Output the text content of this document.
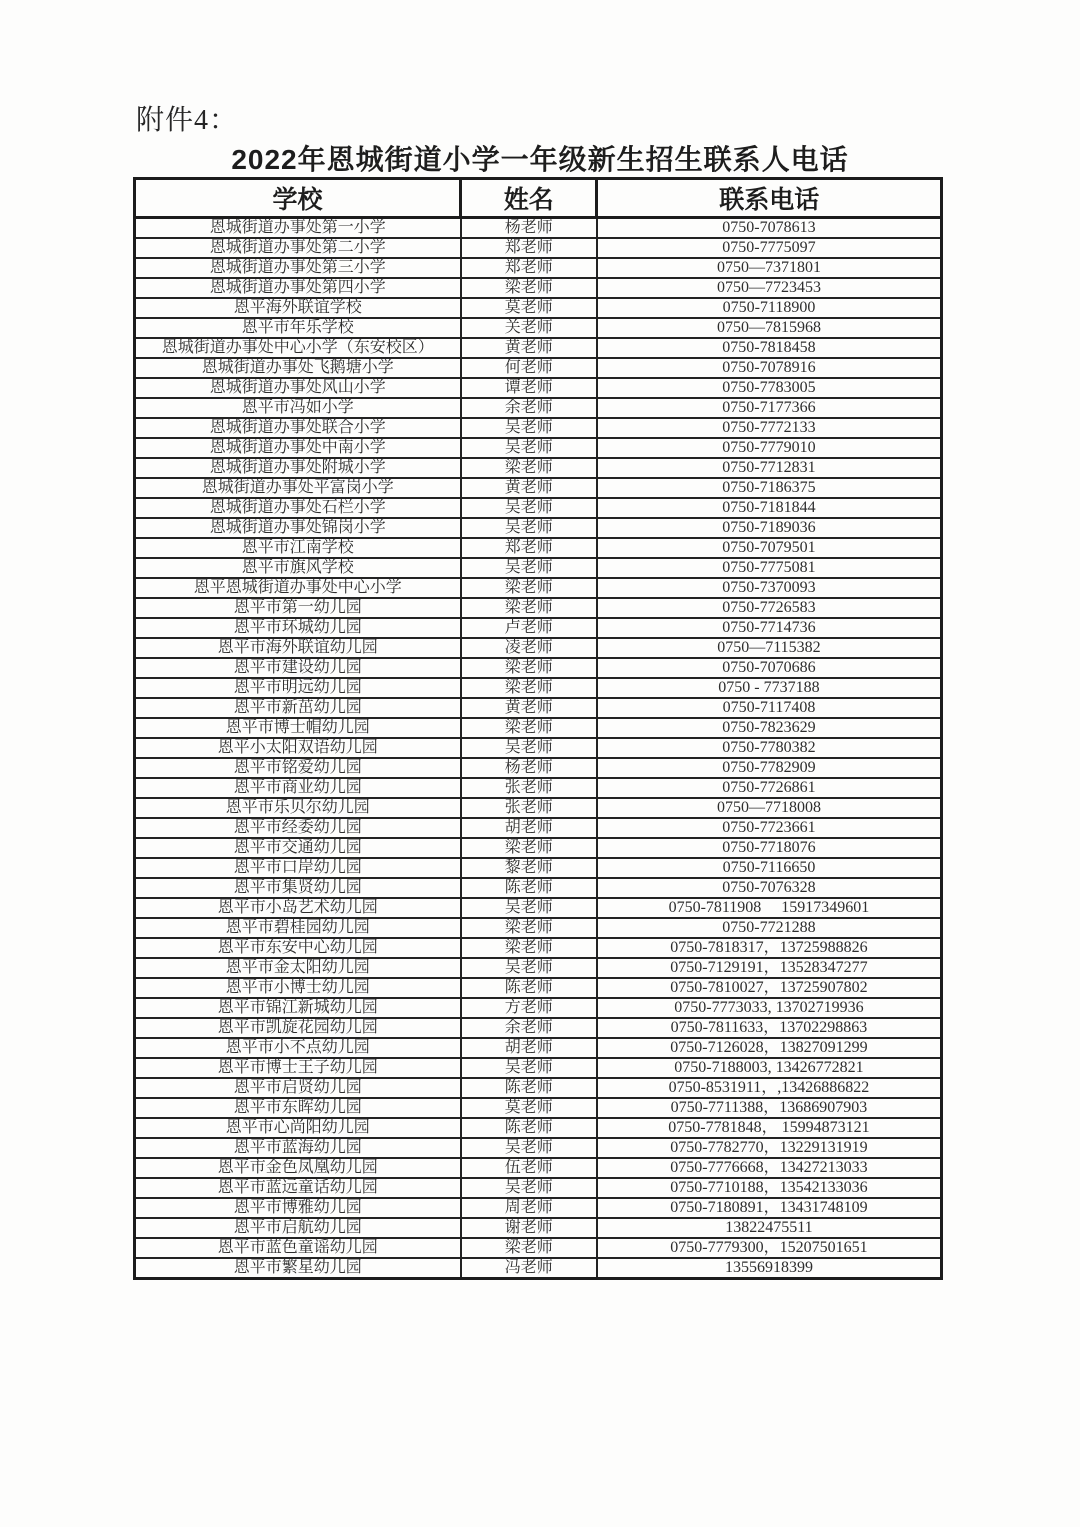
附件4：
2022年恩城街道小学一年级新生招生联系人电话
学校	姓名	联系电话
恩城街道办事处第一小学	杨老师	0750-7078613
恩城街道办事处第二小学	郑老师	0750-7775097
恩城街道办事处第三小学	郑老师	0750—7371801
恩城街道办事处第四小学	梁老师	0750—7723453
恩平海外联谊学校	莫老师	0750-7118900
恩平市年乐学校	关老师	0750—7815968
恩城街道办事处中心小学（东安校区）	黄老师	0750-7818458
恩城街道办事处飞鹅塘小学	何老师	0750-7078916
恩城街道办事处风山小学	谭老师	0750-7783005
恩平市冯如小学	余老师	0750-7177366
恩城街道办事处联合小学	吴老师	0750-7772133
恩城街道办事处中南小学	吴老师	0750-7779010
恩城街道办事处附城小学	梁老师	0750-7712831
恩城街道办事处平富岗小学	黄老师	0750-7186375
恩城街道办事处石栏小学	吴老师	0750-7181844
恩城街道办事处锦岗小学	吴老师	0750-7189036
恩平市江南学校	郑老师	0750-7079501
恩平市旗风学校	吴老师	0750-7775081
恩平恩城街道办事处中心小学	梁老师	0750-7370093
恩平市第一幼儿园	梁老师	0750-7726583
恩平市环城幼儿园	卢老师	0750-7714736
恩平市海外联谊幼儿园	凌老师	0750—7115382
恩平市建设幼儿园	梁老师	0750-7070686
恩平市明远幼儿园	梁老师	0750 - 7737188
恩平市新茁幼儿园	黄老师	0750-7117408
恩平市博士帽幼儿园	梁老师	0750-7823629
恩平小太阳双语幼儿园	吴老师	0750-7780382
恩平市铭爱幼儿园	杨老师	0750-7782909
恩平市商业幼儿园	张老师	0750-7726861
恩平市乐贝尔幼儿园	张老师	0750—7718008
恩平市经委幼儿园	胡老师	0750-7723661
恩平市交通幼儿园	梁老师	0750-7718076
恩平市口岸幼儿园	黎老师	0750-7116650
恩平市集贤幼儿园	陈老师	0750-7076328
恩平市小岛艺术幼儿园	吴老师	0750-7811908　 15917349601
恩平市碧桂园幼儿园	梁老师	0750-7721288
恩平市东安中心幼儿园	梁老师	0750-7818317，13725988826
恩平市金太阳幼儿园	吴老师	0750-7129191，13528347277
恩平市小博士幼儿园	陈老师	0750-7810027，13725907802
恩平市锦江新城幼儿园	方老师	0750-7773033, 13702719936
恩平市凯旋花园幼儿园	余老师	0750-7811633，13702298863
恩平市小不点幼儿园	胡老师	0750-7126028，13827091299
恩平市博士王子幼儿园	吴老师	0750-7188003, 13426772821
恩平市启贤幼儿园	陈老师	0750-8531911，,13426886822
恩平市东晖幼儿园	莫老师	0750-7711388，13686907903
恩平市心尚阳幼儿园	陈老师	0750-7781848， 15994873121
恩平市蓝海幼儿园	吴老师	0750-7782770，13229131919
恩平市金色凤凰幼儿园	伍老师	0750-7776668，13427213033
恩平市蓝远童话幼儿园	吴老师	0750-7710188，13542133036
恩平市博雅幼儿园	周老师	0750-7180891，13431748109
恩平市启航幼儿园	谢老师	13822475511
恩平市蓝色童谣幼儿园	梁老师	0750-7779300，15207501651
恩平市繁星幼儿园	冯老师	13556918399
